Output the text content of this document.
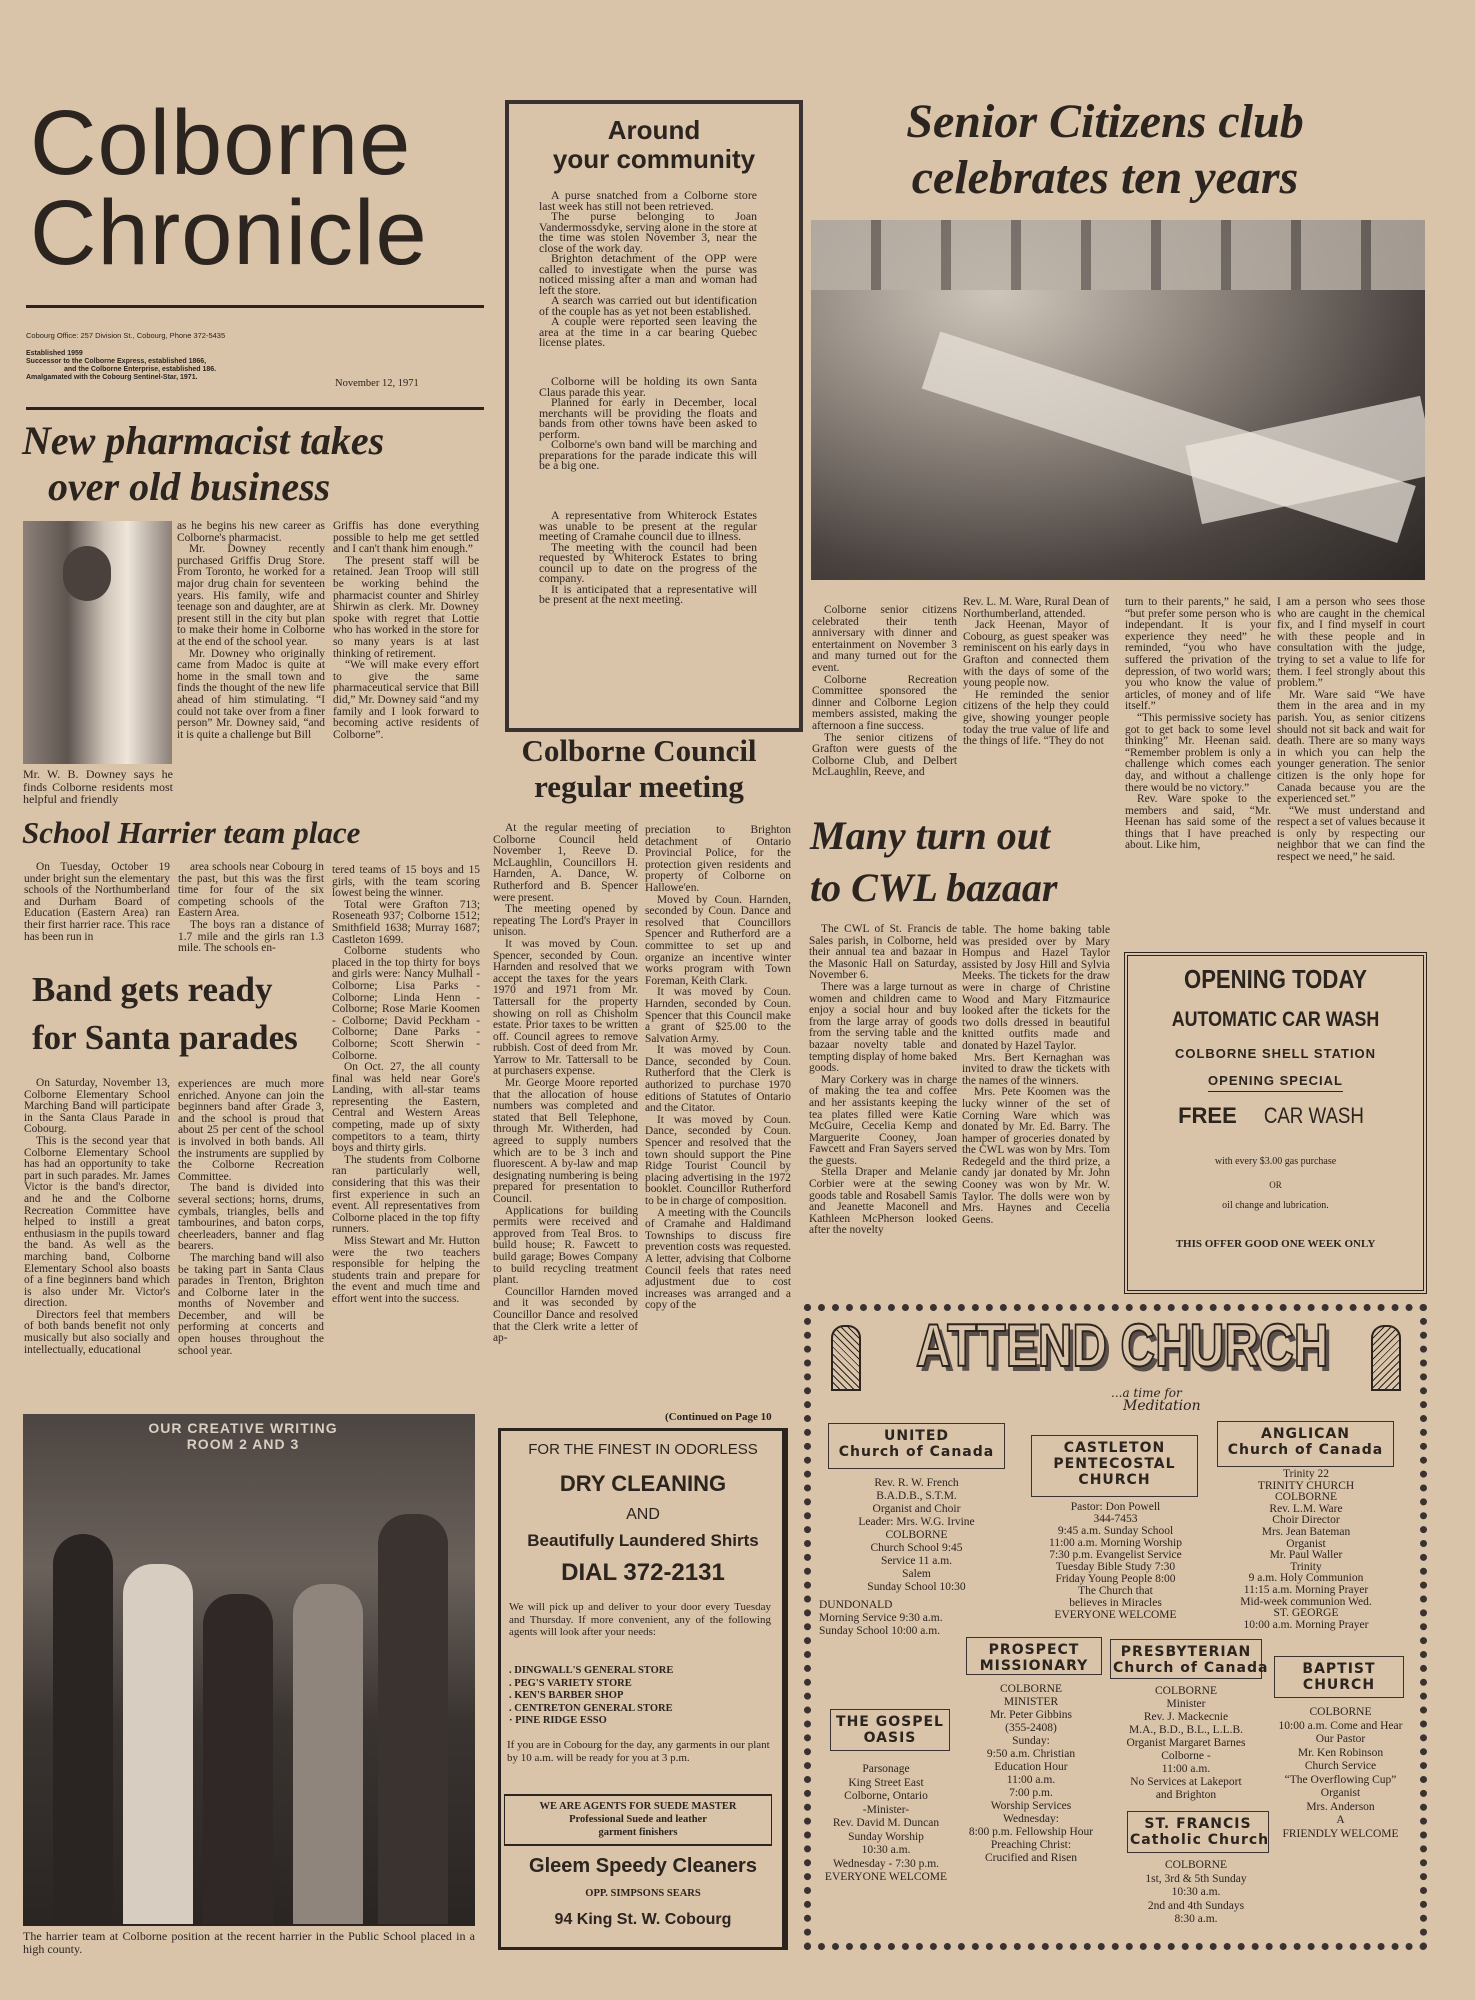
Colborne
Chronicle
Cobourg Office: 257 Division St., Cobourg, Phone 372-5435
Established 1959
Successor to the Colborne Express, established 1866,
and the Colborne Enterprise, established 186.
Amalgamated with the Cobourg Sentinel-Star, 1971.
November 12, 1971
New pharmacist takes
over old business
Mr. W. B. Downey says he finds Colborne residents most helpful and friendly

as he begins his new career as Colborne's pharmacist.

Mr. Downey recently purchased Griffis Drug Store. From Toronto, he worked for a major drug chain for seventeen years. His family, wife and teenage son and daughter, are at present still in the city but plan to make their home in Colborne at the end of the school year.

Mr. Downey who originally came from Madoc is quite at home in the small town and finds the thought of the new life ahead of him stimulating. “I could not take over from a finer person” Mr. Downey said, “and it is quite a challenge but Bill

Griffis has done everything possible to help me get settled and I can't thank him enough.”

The present staff will be retained. Jean Troop will still be working behind the pharmacist counter and Shirley Shirwin as clerk. Mr. Downey spoke with regret that Lottie who has worked in the store for so many years is at last thinking of retirement.

“We will make every effort to give the same pharmaceutical service that Bill did,” Mr. Downey said “and my family and I look forward to becoming active residents of Colborne”.

School Harrier team place

On Tuesday, October 19 under bright sun the elementary schools of the Northumberland and Durham Board of Education (Eastern Area) ran their first harrier race. This race has been run in

area schools near Cobourg in the past, but this was the first time for four of the six competing schools of the Eastern Area.

The boys ran a distance of 1.7 mile and the girls ran 1.3 mile. The schools en-

tered teams of 15 boys and 15 girls, with the team scoring lowest being the winner.

Total were Grafton 713; Roseneath 937; Colborne 1512; Smithfield 1638; Murray 1687; Castleton 1699.

Colborne students who placed in the top thirty for boys and girls were: Nancy Mulhall - Colborne; Lisa Parks - Colborne; Linda Henn - Colborne; Rose Marie Koomen - Colborne; David Peckham - Colborne; Dane Parks - Colborne; Scott Sherwin - Colborne.

On Oct. 27, the all county final was held near Gore's Landing, with all-star teams representing the Eastern, Central and Western Areas competing, made up of sixty competitors to a team, thirty boys and thirty girls.

The students from Colborne ran particularly well, considering that this was their first experience in such an event. All representatives from Colborne placed in the top fifty runners.

Miss Stewart and Mr. Hutton were the two teachers responsible for helping the students train and prepare for the event and much time and effort went into the success.

Band gets ready
for Santa parades

On Saturday, November 13, Colborne Elementary School Marching Band will participate in the Santa Claus Parade in Cobourg.

This is the second year that Colborne Elementary School has had an opportunity to take part in such parades. Mr. James Victor is the band's director, and he and the Colborne Recreation Committee have helped to instill a great enthusiasm in the pupils toward the band. As well as the marching band, Colborne Elementary School also boasts of a fine beginners band which is also under Mr. Victor's direction.

Directors feel that members of both bands benefit not only musically but also socially and intellectually, educational

experiences are much more enriched. Anyone can join the beginners band after Grade 3, and the school is proud that about 25 per cent of the school is involved in both bands. All the instruments are supplied by the Colborne Recreation Committee.

The band is divided into several sections; horns, drums, cymbals, triangles, bells and tambourines, and baton corps, cheerleaders, banner and flag bearers.

The marching band will also be taking part in Santa Claus parades in Trenton, Brighton and Colborne later in the months of November and December, and will be performing at concerts and open houses throughout the school year.

OUR CREATIVE WRITING ROOM 2 AND 3
The harrier team at Colborne position at the recent harrier in the Public School placed in a high county.
Around
your community

A purse snatched from a Colborne store last week has still not been retrieved.

The purse belonging to Joan Vandermossdyke, serving alone in the store at the time was stolen November 3, near the close of the work day.

Brighton detachment of the OPP were called to investigate when the purse was noticed missing after a man and woman had left the store.

A search was carried out but identification of the couple has as yet not been established.

A couple were reported seen leaving the area at the time in a car bearing Quebec license plates.

Colborne will be holding its own Santa Claus parade this year.

Planned for early in December, local merchants will be providing the floats and bands from other towns have been asked to perform.

Colborne's own band will be marching and preparations for the parade indicate this will be a big one.

A representative from Whiterock Estates was unable to be present at the regular meeting of Cramahe council due to illness.

The meeting with the council had been requested by Whiterock Estates to bring council up to date on the progress of the company.

It is anticipated that a representative will be present at the next meeting.

Colborne Council
regular meeting

At the regular meeting of Colborne Council held November 1, Reeve D. McLaughlin, Councillors H. Harnden, A. Dance, W. Rutherford and B. Spencer were present.

The meeting opened by repeating The Lord's Prayer in unison.

It was moved by Coun. Spencer, seconded by Coun. Harnden and resolved that we accept the taxes for the years 1970 and 1971 from Mr. Tattersall for the property showing on roll as Chisholm estate. Prior taxes to be written off. Council agrees to remove rubbish. Cost of deed from Mr. Yarrow to Mr. Tattersall to be at purchasers expense.

Mr. George Moore reported that the allocation of house numbers was completed and stated that Bell Telephone, through Mr. Witherden, had agreed to supply numbers which are to be 3 inch and fluorescent. A by-law and map designating numbering is being prepared for presentation to Council.

Applications for building permits were received and approved from Teal Bros. to build house; R. Fawcett to build garage; Bowes Company to build recycling treatment plant.

Councillor Harnden moved and it was seconded by Councillor Dance and resolved that the Clerk write a letter of ap-

preciation to Brighton detachment of Ontario Provincial Police, for the protection given residents and property of Colborne on Hallowe'en.

Moved by Coun. Harnden, seconded by Coun. Dance and resolved that Councillors Spencer and Rutherford are a committee to set up and organize an incentive winter works program with Town Foreman, Keith Clark.

It was moved by Coun. Harnden, seconded by Coun. Spencer that this Council make a grant of $25.00 to the Salvation Army.

It was moved by Coun. Dance, seconded by Coun. Rutherford that the Clerk is authorized to purchase 1970 editions of Statutes of Ontario and the Citator.

It was moved by Coun. Dance, seconded by Coun. Spencer and resolved that the town should support the Pine Ridge Tourist Council by placing advertising in the 1972 booklet. Councillor Rutherford to be in charge of composition.

A meeting with the Councils of Cramahe and Haldimand Townships to discuss fire prevention costs was requested. A letter, advising that Colborne Council feels that rates need adjustment due to cost increases was arranged and a copy of the

(Continued on Page 10
FOR THE FINEST IN ODORLESS
DRY CLEANING
AND
Beautifully Laundered Shirts
DIAL 372-2131
We will pick up and deliver to your door every Tuesday and Thursday. If more convenient, any of the following agents will look after your needs:
. DINGWALL'S GENERAL STORE
. PEG'S VARIETY STORE
. KEN'S BARBER SHOP
. CENTRETON GENERAL STORE
· PINE RIDGE ESSO
If you are in Cobourg for the day, any garments in our plant by 10 a.m. will be ready for you at 3 p.m.
WE ARE AGENTS FOR SUEDE MASTER
Professional Suede and leather
garment finishers
Gleem Speedy Cleaners
OPP. SIMPSONS SEARS
94 King St. W. Cobourg
Senior Citizens club
celebrates ten years

Colborne senior citizens celebrated their tenth anniversary with dinner and entertainment on November 3 and many turned out for the event.

Colborne Recreation Committee sponsored the dinner and Colborne Legion members assisted, making the afternoon a fine success.

The senior citizens of Grafton were guests of the Colborne Club, and Delbert McLaughlin, Reeve, and

Rev. L. M. Ware, Rural Dean of Northumberland, attended.

Jack Heenan, Mayor of Cobourg, as guest speaker was reminiscent on his early days in Grafton and connected them with the days of some of the young people now.

He reminded the senior citizens of the help they could give, showing younger people today the true value of life and the things of life. “They do not

turn to their parents,” he said, “but prefer some person who is independant. It is your experience they need” he reminded, “you who have suffered the privation of the depression, of two world wars; you who know the value of articles, of money and of life itself.”

“This permissive society has got to get back to some level thinking” Mr. Heenan said. “Remember problem is only a challenge which comes each day, and without a challenge there would be no victory.”

Rev. Ware spoke to the members and said, “Mr. Heenan has said some of the things that I have preached about. Like him,

I am a person who sees those who are caught in the chemical fix, and I find myself in court with these people and in consultation with the judge, trying to set a value to life for them. I feel strongly about this problem.”

Mr. Ware said “We have them in the area and in my parish. You, as senior citizens should not sit back and wait for death. There are so many ways in which you can help the younger generation. The senior citizen is the only hope for Canada because you are the experienced set.”

“We must understand and respect a set of values because it is only by respecting our neighbor that we can find the respect we need,” he said.

Many turn out
to CWL bazaar

The CWL of St. Francis de Sales parish, in Colborne, held their annual tea and bazaar in the Masonic Hall on Saturday, November 6.

There was a large turnout as women and children came to enjoy a social hour and buy from the large array of goods from the serving table and the bazaar novelty table and tempting display of home baked goods.

Mary Corkery was in charge of making the tea and coffee and her assistants keeping the tea plates filled were Katie McGuire, Cecelia Kemp and Marguerite Cooney, Joan Fawcett and Fran Sayers served the guests.

Stella Draper and Melanie Corbier were at the sewing goods table and Rosabell Samis and Jeanette Maconell and Kathleen McPherson looked after the novelty

table. The home baking table was presided over by Mary Hompus and Hazel Taylor assisted by Josy Hill and Sylvia Meeks. The tickets for the draw were in charge of Christine Wood and Mary Fitzmaurice looked after the tickets for the two dolls dressed in beautiful knitted outfits made and donated by Hazel Taylor.

Mrs. Bert Kernaghan was invited to draw the tickets with the names of the winners.

Mrs. Pete Koomen was the lucky winner of the set of Corning Ware which was donated by Mr. Ed. Barry. The hamper of groceries donated by the CWL was won by Mrs. Tom Redegeld and the third prize, a candy jar donated by Mr. John Cooney was won by Mr. W. Taylor. The dolls were won by Mrs. Haynes and Cecelia Geens.

OPENING TODAY
AUTOMATIC CAR WASH
COLBORNE SHELL STATION
OPENING SPECIAL
FREE CAR WASH
with every $3.00 gas purchase
OR
oil change and lubrication.
THIS OFFER GOOD ONE WEEK ONLY
ATTEND CHURCH
...a time for
Meditation
UNITED
Church of Canada
Rev. R. W. French
B.A.D.B., S.T.M.
Organist and Choir
Leader: Mrs. W.G. Irvine
COLBORNE
Church School 9:45
Service 11 a.m.
Salem
Sunday School 10:30
DUNDONALD
Morning Service 9:30 a.m.
Sunday School 10:00 a.m.
CASTLETON
PENTECOSTAL
CHURCH
Pastor: Don Powell
344-7453
9:45 a.m. Sunday School
11:00 a.m. Morning Worship
7:30 p.m. Evangelist Service
Tuesday Bible Study 7:30
Friday Young People 8:00
The Church that
believes in Miracles
EVERYONE WELCOME
ANGLICAN
Church of Canada
Trinity 22
TRINITY CHURCH
COLBORNE
Rev. L.M. Ware
Choir Director
Mrs. Jean Bateman
Organist
Mr. Paul Waller
Trinity
9 a.m. Holy Communion
11:15 a.m. Morning Prayer
Mid-week communion Wed.
ST. GEORGE
10:00 a.m. Morning Prayer
PROSPECT
MISSIONARY
COLBORNE
MINISTER
Mr. Peter Gibbins
(355-2408)
Sunday:
9:50 a.m. Christian
Education Hour
11:00 a.m.
7:00 p.m.
Worship Services
Wednesday:
8:00 p.m. Fellowship Hour
Preaching Christ:
Crucified and Risen
THE GOSPEL
OASIS
Parsonage
King Street East
Colborne, Ontario
-Minister-
Rev. David M. Duncan
Sunday Worship
10:30 a.m.
Wednesday - 7:30 p.m.
EVERYONE WELCOME
PRESBYTERIAN
Church of Canada
COLBORNE
Minister
Rev. J. Mackecnie
M.A., B.D., B.L., L.L.B.
Organist Margaret Barnes
Colborne -
11:00 a.m.
No Services at Lakeport
and Brighton
ST. FRANCIS
Catholic Church
COLBORNE
1st, 3rd & 5th Sunday
10:30 a.m.
2nd and 4th Sundays
8:30 a.m.
BAPTIST
CHURCH
COLBORNE
10:00 a.m. Come and Hear
Our Pastor
Mr. Ken Robinson
Church Service
“The Overflowing Cup”
Organist
Mrs. Anderson
A
FRIENDLY WELCOME
